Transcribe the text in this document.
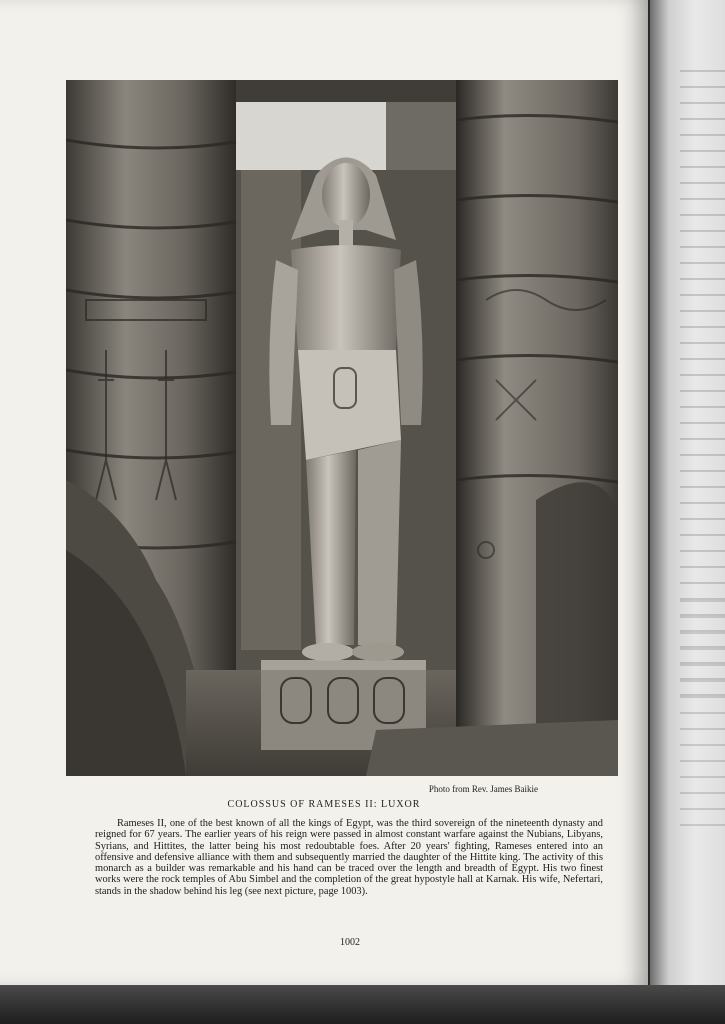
Photo from Rev. James Baikie
COLOSSUS OF RAMESES II: LUXOR

Rameses II, one of the best known of all the kings of Egypt, was the third sovereign of the nineteenth dynasty and reigned for 67 years. The earlier years of his reign were passed in almost constant warfare against the Nubians, Libyans, Syrians, and Hittites, the latter being his most redoubtable foes. After 20 years' fighting, Rameses entered into an offensive and defensive alliance with them and subsequently married the daughter of the Hittite king. The activity of this monarch as a builder was remarkable and his hand can be traced over the length and breadth of Egypt. His two finest works were the rock temples of Abu Simbel and the completion of the great hypostyle hall at Karnak. His wife, Nefertari, stands in the shadow behind his leg (see next picture, page 1003).

1002
